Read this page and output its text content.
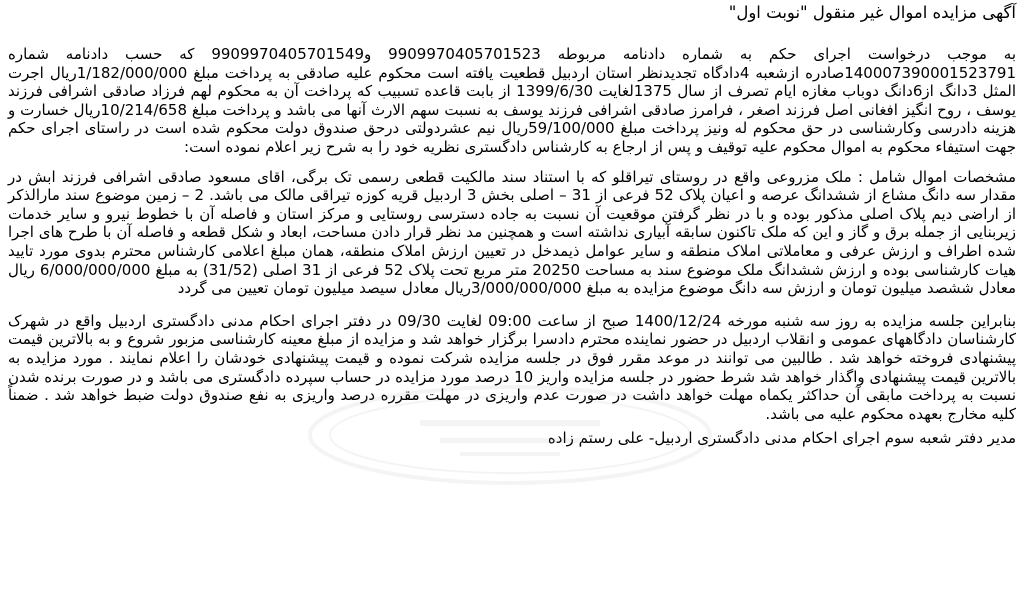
آگهی مزایده اموال غیر منقول "نوبت اول"

به موجب درخواست اجرای حکم به شماره دادنامه مربوطه 9909970405701523 و9909970405701549 که حسب دادنامه شماره 140007390001523791صادره ازشعبه 4دادگاه تجدیدنظر استان اردبیل قطعیت یافته است محکوم علیه صادقی به پرداخت مبلغ 1/182/000/000ریال اجرت المثل 3دانگ از6دانگ دوباب مغازه ایام تصرف از سال 1375لغایت 1399/6/30 از بابت قاعده تسبیب که پرداخت آن به محکوم لهم فرزاد صادقی اشرافی فرزند یوسف ، روح انگیز افغانی اصل فرزند اصغر ، فرامرز صادقی اشرافی فرزند یوسف به نسبت سهم الارث آنها می باشد و پرداخت مبلغ 10/214/658ریال خسارت و هزینه دادرسی وکارشناسی در حق محکوم له ونیز پرداخت مبلغ 59/100/000ریال نیم عشردولتی درحق صندوق دولت محکوم شده است در راستای اجرای حکم جهت استیفاء محکوم به اموال محکوم علیه توقیف و پس از ارجاع به کارشناس دادگستری نظریه خود را به شرح زیر اعلام نموده است:

مشخصات اموال شامل : ملک مزروعی واقع در روستای تیراقلو که با استناد سند مالکیت قطعی رسمی تک برگی، اقای مسعود صادقی اشرافی فرزند ابش در مقدار سه دانگ مشاع از ششدانگ عرصه و اعیان پلاک 52 فرعی از 31 – اصلی بخش 3 اردبیل قریه کوزه تیراقی مالک می باشد. 2 – زمین موضوع سند مارالذکر از اراضی دیم پلاک اصلی مذکور بوده و با در نظر گرفتن موقعیت آن نسبت به جاده دسترسی روستایی و مرکز استان و فاصله آن با خطوط نیرو و سایر خدمات زیربنایی از جمله برق و گاز و این که ملک تاکنون سابقه آبیاری نداشته است و همچنین مد نظر قرار دادن مساحت، ابعاد و شکل قطعه و فاصله آن با طرح های اجرا شده اطراف و ارزش عرفی و معاملاتی املاک منطقه و سایر عوامل ذیمدخل در تعیین ارزش املاک منطقه، همان مبلغ اعلامی کارشناس محترم بدوی مورد تایید هیات کارشناسی بوده و ارزش ششدانگ ملک موضوع سند به مساحت 20250 متر مربع تحت پلاک 52 فرعی از 31 اصلی (31/52) به مبلغ 6/000/000/000 ریال معادل ششصد میلیون تومان و ارزش سه دانگ موضوع مزایده به مبلغ 3/000/000/000ریال معادل سیصد میلیون تومان تعیین می گردد

بنابراین جلسه مزایده به روز سه شنبه مورخه 1400/12/24 صبح از ساعت 09:00 لغایت 09/30 در دفتر اجرای احکام مدنی دادگستری اردبیل واقع در شهرک کارشناسان دادگاههای عمومی و انقلاب اردبیل در حضور نماینده محترم دادسرا برگزار خواهد شد و مزایده از مبلغ معینه کارشناسی مزبور شروع و به بالاترین قیمت پیشنهادی فروخته خواهد شد . طالبین می توانند در موعد مقرر فوق در جلسه مزایده شرکت نموده و قیمت پیشنهادی خودشان را اعلام نمایند . مورد مزایده به بالاترین قیمت پیشنهادی واگذار خواهد شد شرط حضور در جلسه مزایده واریز 10 درصد مورد مزایده در حساب سپرده دادگستری می باشد و در صورت برنده شدن نسبت به پرداخت مابقی آن حداکثر یکماه مهلت خواهد داشت در صورت عدم واریزی در مهلت مقرره درصد واریزی به نفع صندوق دولت ضبط خواهد شد . ضمناً کلیه مخارج بعهده محکوم علیه می باشد.

مدیر دفتر شعبه سوم اجرای احکام مدنی دادگستری اردبیل- علی رستم زاده
